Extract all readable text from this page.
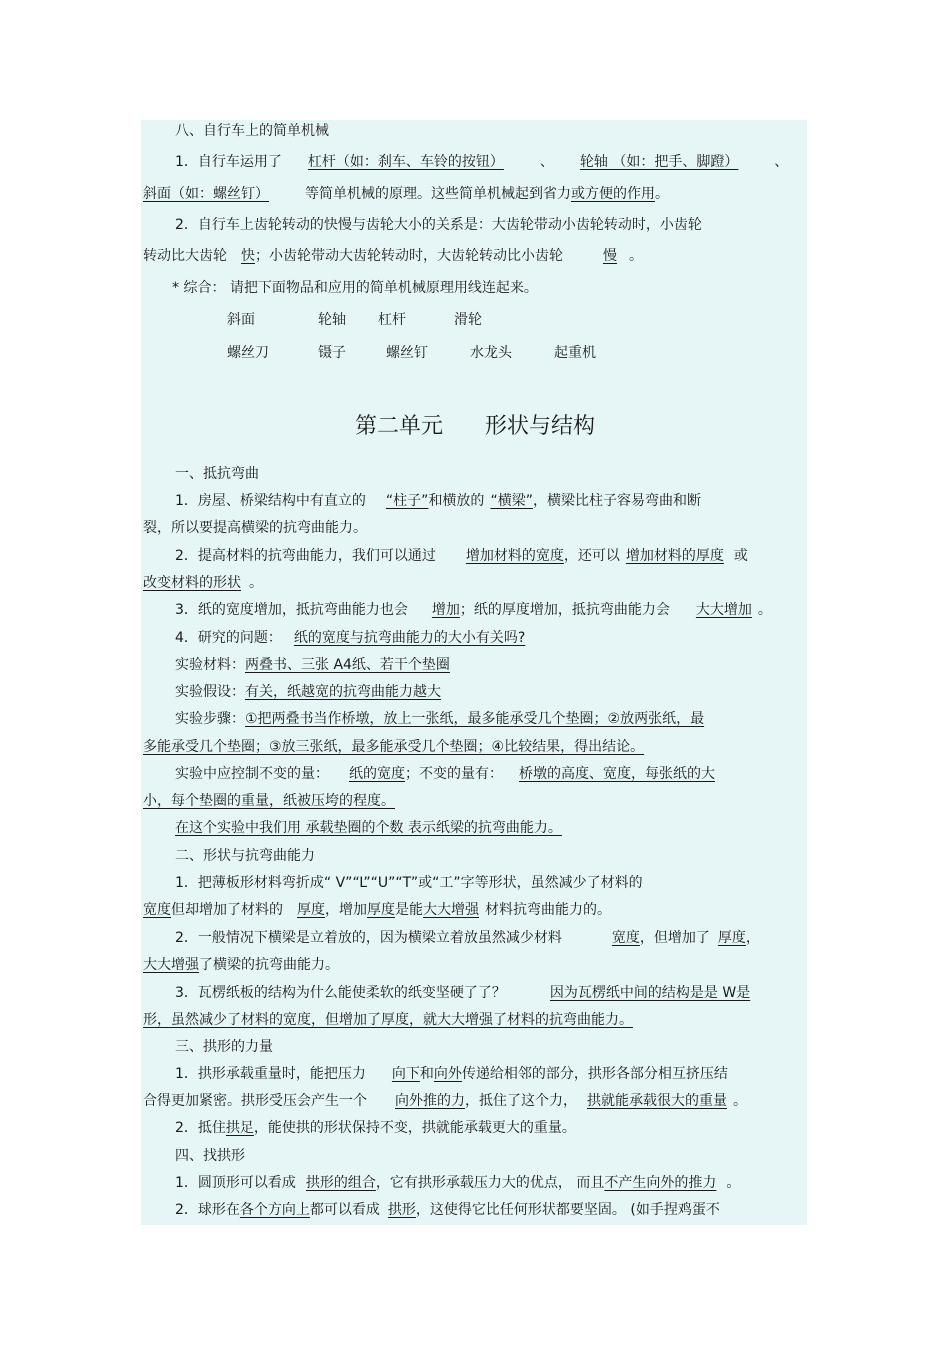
八、自行车上的简单机械
1．自行车运用了 杠杆（如：刹车、车铃的按钮）	、 轮轴 （如：把手、脚蹬）	、
斜面（如：螺丝钉）	等简单机械的原理。这些简单机械起到省力或方便的作用。
2．自行车上齿轮转动的快慢与齿轮大小的关系是：大齿轮带动小齿轮转动时，小齿轮
转动比大齿轮 快；小齿轮带动大齿轮转动时，大齿轮转动比小齿轮	慢 。
* 综合： 请把下面物品和应用的简单机械原理用线连起来。
斜面	轮轴 杠杆	滑轮
螺丝刀	镊子	螺丝钉	水龙头	起重机
第二单元      形状与结构
一、抵抗弯曲
1．房屋、桥梁结构中有直立的 “柱子”和横放的 “横梁”，横梁比柱子容易弯曲和断
裂，所以要提高横梁的抗弯曲能力。
2．提高材料的抗弯曲能力，我们可以通过 增加材料的宽度，还可以 增加材料的厚度 或
改变材料的形状 。
3．纸的宽度增加，抵抗弯曲能力也会 增加；纸的厚度增加，抵抗弯曲能力会 大大增加 。
4．研究的问题： 纸的宽度与抗弯曲能力的大小有关吗?
实验材料：两叠书、三张 A4纸、若干个垫圈
实验假设：有关，纸越宽的抗弯曲能力越大
实验步骤：①把两叠书当作桥墩，放上一张纸，最多能承受几个垫圈；②放两张纸，最
多能承受几个垫圈；③放三张纸，最多能承受几个垫圈；④比较结果，得出结论。
实验中应控制不变的量： 纸的宽度；不变的量有： 桥墩的高度、宽度，每张纸的大
小，每个垫圈的重量，纸被压垮的程度。
在这个实验中我们用 承载垫圈的个数 表示纸梁的抗弯曲能力。
二、形状与抗弯曲能力
1．把薄板形材料弯折成“ V”“L”“U”“T”或“工”字等形状，虽然减少了材料的
宽度但却增加了材料的 厚度，增加厚度是能大大增强 材料抗弯曲能力的。
2．一般情况下横梁是立着放的，因为横梁立着放虽然减少材料	宽度，但增加了 厚度，
大大增强了横梁的抗弯曲能力。
3．瓦楞纸板的结构为什么能使柔软的纸变坚硬了了？	因为瓦楞纸中间的结构是是 W是
形，虽然减少了材料的宽度，但增加了厚度，就大大增强了材料的抗弯曲能力。
三、拱形的力量
1．拱形承载重量时，能把压力 向下和向外传递给相邻的部分，拱形各部分相互挤压结
合得更加紧密。拱形受压会产生一个 向外推的力，抵住了这个力， 拱就能承载很大的重量 。
2．抵住拱足，能使拱的形状保持不变，拱就能承载更大的重量。
四、找拱形
1．圆顶形可以看成 拱形的组合，它有拱形承载压力大的优点， 而且不产生向外的推力 。
2．球形在各个方向上都可以看成 拱形，这使得它比任何形状都要坚固。 (如手捏鸡蛋不
